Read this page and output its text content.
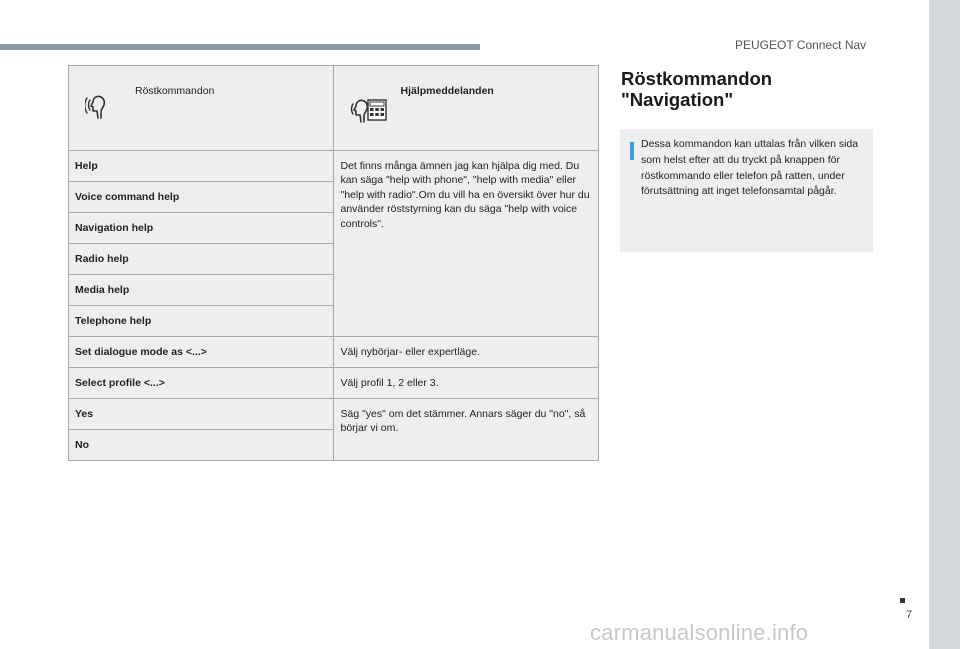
PEUGEOT Connect Nav
Röstkommandon	Hjälpmeddelanden

Help	Det finns många ämnen jag kan hjälpa dig med. Du kan säga "help with phone", "help with media" eller "help with radio".Om du vill ha en översikt över hur du använder röststyrning kan du säga "help with voice controls".
Voice command help	
Navigation help	
Radio help	
Media help	
Telephone help	
Set dialogue mode as <...>	Välj nybörjar- eller expertläge.
Select profile <...>	Välj profil 1, 2 eller 3.
Yes	Säg "yes" om det stämmer. Annars säger du "no", så börjar vi om.
No	
Röstkommandon
"Navigation"

Dessa kommandon kan uttalas från vilken sida som helst efter att du tryckt på knappen för röstkommando eller telefon på ratten, under förutsättning att inget telefonsamtal pågår.

7
carmanualsonline.info
